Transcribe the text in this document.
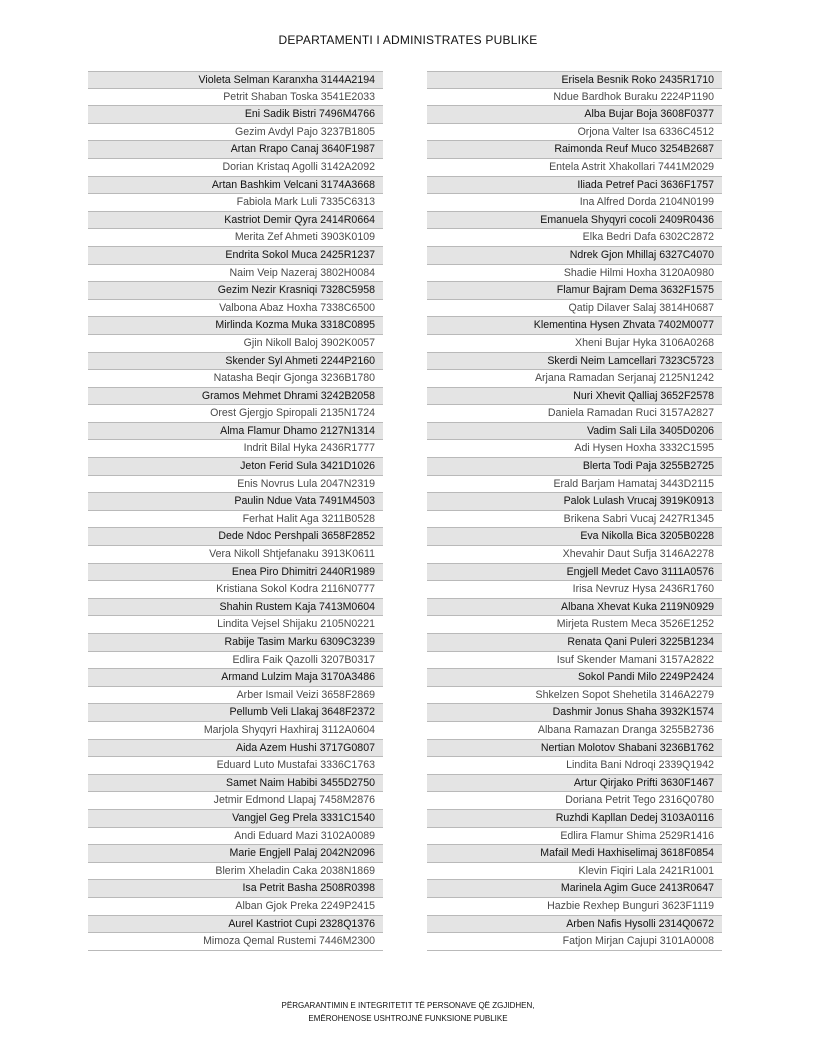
DEPARTAMENTI I ADMINISTRATES PUBLIKE
Violeta Selman Karanxha 3144A2194
Petrit Shaban Toska 3541E2033
Eni Sadik Bistri 7496M4766
Gezim Avdyl Pajo 3237B1805
Artan Rrapo Canaj 3640F1987
Dorian Kristaq Agolli 3142A2092
Artan Bashkim Velcani 3174A3668
Fabiola Mark Luli 7335C6313
Kastriot Demir Qyra 2414R0664
Merita Zef Ahmeti 3903K0109
Endrita Sokol Muca 2425R1237
Naim Veip Nazeraj 3802H0084
Gezim Nezir Krasniqi 7328C5958
Valbona Abaz Hoxha 7338C6500
Mirlinda Kozma Muka 3318C0895
Gjin Nikoll Baloj 3902K0057
Skender Syl Ahmeti 2244P2160
Natasha Beqir Gjonga 3236B1780
Gramos Mehmet Dhrami 3242B2058
Orest Gjergjo Spiropali 2135N1724
Alma Flamur Dhamo 2127N1314
Indrit Bilal Hyka 2436R1777
Jeton Ferid Sula 3421D1026
Enis Novrus Lula 2047N2319
Paulin Ndue Vata 7491M4503
Ferhat Halit Aga 3211B0528
Dede Ndoc Pershpali 3658F2852
Vera Nikoll Shtjefanaku 3913K0611
Enea Piro Dhimitri 2440R1989
Kristiana Sokol Kodra 2116N0777
Shahin Rustem Kaja 7413M0604
Lindita Vejsel Shijaku 2105N0221
Rabije Tasim Marku 6309C3239
Edlira Faik Qazolli 3207B0317
Armand Lulzim Maja 3170A3486
Arber Ismail Veizi 3658F2869
Pellumb Veli Llakaj 3648F2372
Marjola Shyqyri Haxhiraj 3112A0604
Aida Azem Hushi 3717G0807
Eduard Luto Mustafai 3336C1763
Samet Naim Habibi 3455D2750
Jetmir Edmond Llapaj 7458M2876
Vangjel Geg Prela 3331C1540
Andi Eduard Mazi 3102A0089
Marie Engjell Palaj 2042N2096
Blerim Xheladin Caka 2038N1869
Isa Petrit Basha 2508R0398
Alban Gjok Preka 2249P2415
Aurel Kastriot Cupi 2328Q1376
Mimoza Qemal Rustemi 7446M2300
Erisela Besnik Roko 2435R1710
Ndue Bardhok Buraku 2224P1190
Alba Bujar Boja 3608F0377
Orjona Valter Isa 6336C4512
Raimonda Reuf Muco 3254B2687
Entela Astrit Xhakollari 7441M2029
Iliada Petref Paci 3636F1757
Ina Alfred Dorda 2104N0199
Emanuela Shyqyri cocoli 2409R0436
Elka Bedri Dafa 6302C2872
Ndrek Gjon Mhillaj 6327C4070
Shadie Hilmi Hoxha 3120A0980
Flamur Bajram Dema 3632F1575
Qatip Dilaver Salaj 3814H0687
Klementina Hysen Zhvata 7402M0077
Xheni Bujar Hyka 3106A0268
Skerdi Neim Lamcellari 7323C5723
Arjana Ramadan Serjanaj 2125N1242
Nuri Xhevit Qalliaj 3652F2578
Daniela Ramadan Ruci 3157A2827
Vadim Sali Lila 3405D0206
Adi Hysen Hoxha 3332C1595
Blerta Todi Paja 3255B2725
Erald Barjam Hamataj 3443D2115
Palok Lulash Vrucaj 3919K0913
Brikena Sabri Vucaj 2427R1345
Eva Nikolla Bica 3205B0228
Xhevahir Daut Sufja 3146A2278
Engjell Medet Cavo 3111A0576
Irisa Nevruz Hysa 2436R1760
Albana Xhevat Kuka 2119N0929
Mirjeta Rustem Meca 3526E1252
Renata Qani Puleri 3225B1234
Isuf Skender Mamani 3157A2822
Sokol Pandi Milo 2249P2424
Shkelzen Sopot Shehetila 3146A2279
Dashmir Jonus Shaha 3932K1574
Albana Ramazan Dranga 3255B2736
Nertian Molotov Shabani 3236B1762
Lindita Bani Ndroqi 2339Q1942
Artur Qirjako Prifti 3630F1467
Doriana Petrit Tego 2316Q0780
Ruzhdi Kapllan Dedej 3103A0116
Edlira Flamur Shima 2529R1416
Mafail Medi Haxhiselimaj 3618F0854
Klevin Fiqiri Lala 2421R1001
Marinela Agim Guce 2413R0647
Hazbie Rexhep Bunguri 3623F1119
Arben Nafis Hysolli 2314Q0672
Fatjon Mirjan Cajupi 3101A0008
PËRGARANTIMIN E INTEGRITETIT TË PERSONAVE QË ZGJIDHEN,
EMËROHENOSE USHTROJNË FUNKSIONE PUBLIKE
